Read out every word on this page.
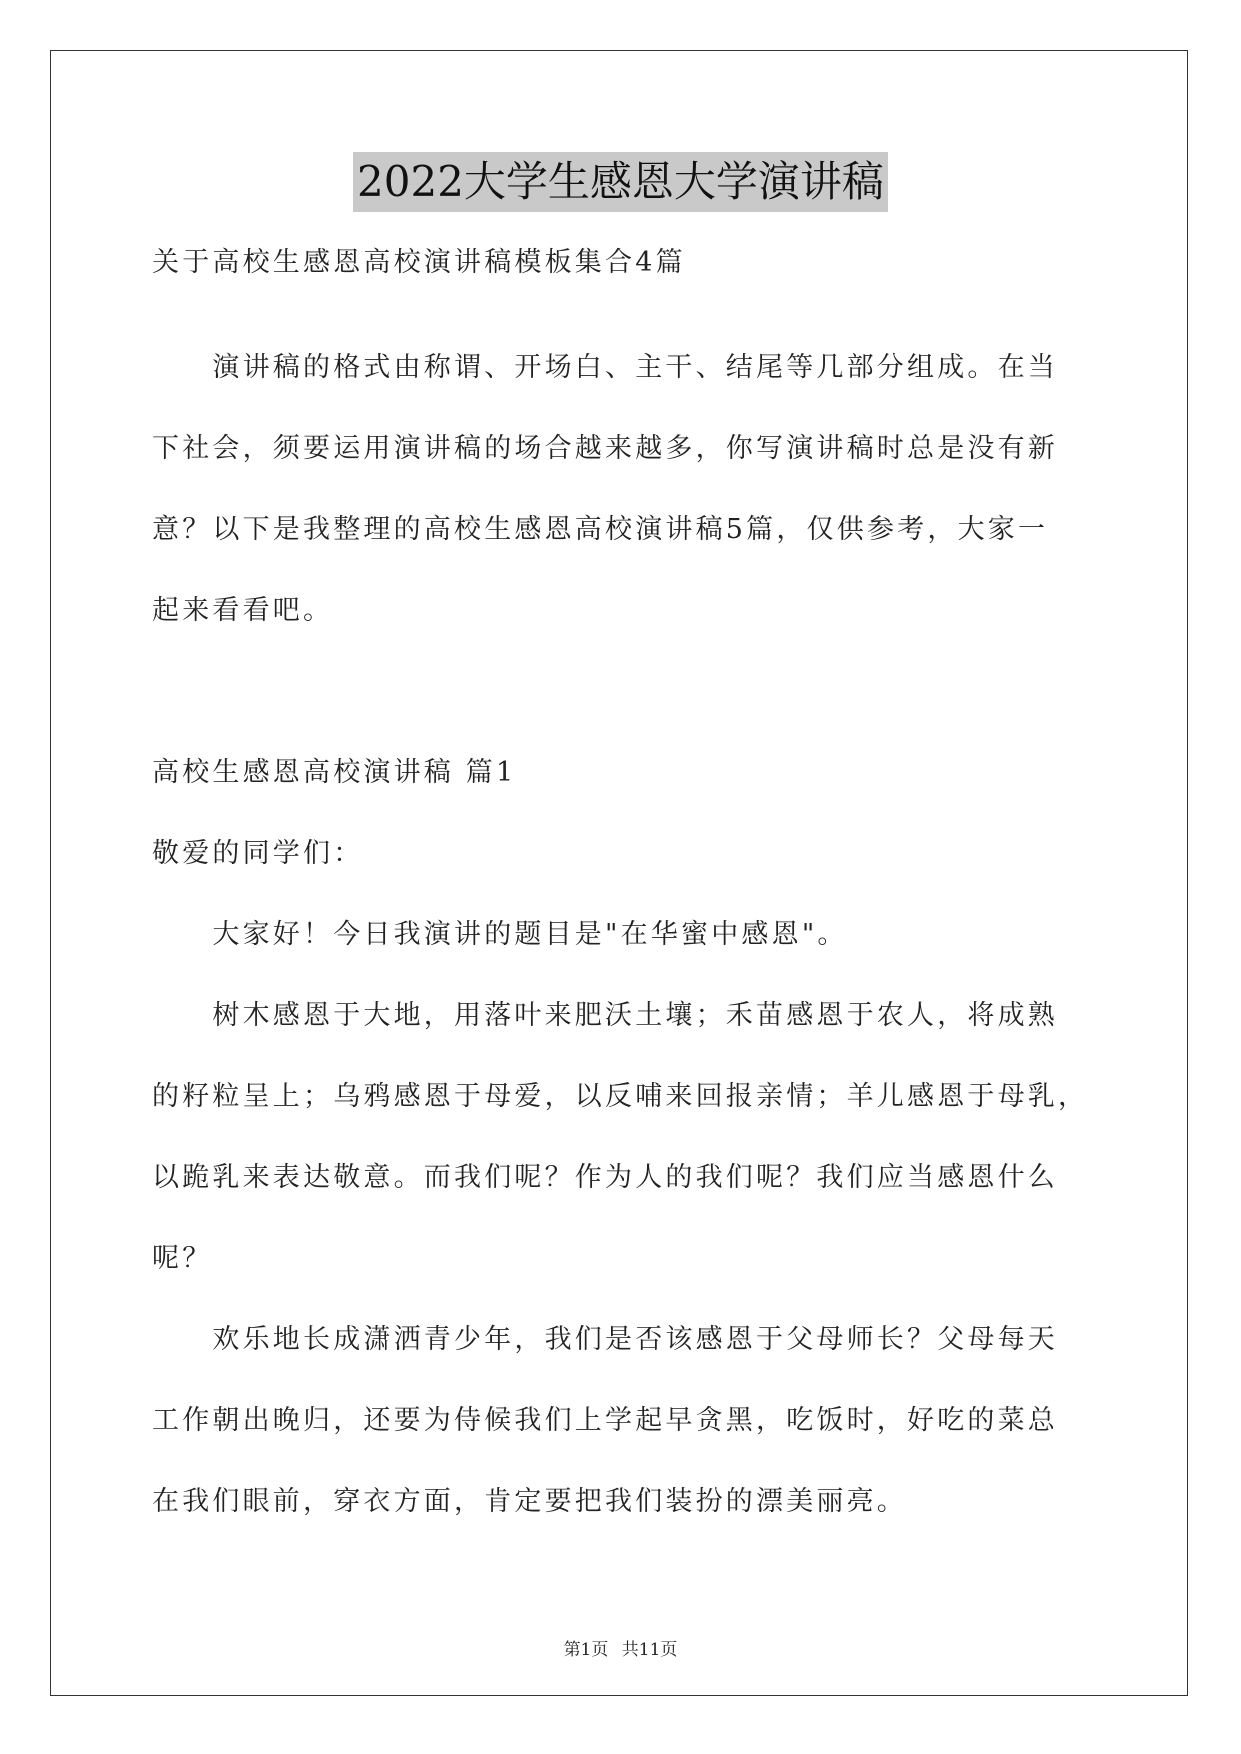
2022大学生感恩大学演讲稿
关于高校生感恩高校演讲稿模板集合4篇
　　演讲稿的格式由称谓、开场白、主干、结尾等几部分组成。在当
下社会，须要运用演讲稿的场合越来越多，你写演讲稿时总是没有新
意？以下是我整理的高校生感恩高校演讲稿5篇，仅供参考，大家一
起来看看吧。
高校生感恩高校演讲稿 篇1
敬爱的同学们：
　　大家好！今日我演讲的题目是"在华蜜中感恩"。
　　树木感恩于大地，用落叶来肥沃土壤；禾苗感恩于农人，将成熟
的籽粒呈上；乌鸦感恩于母爱，以反哺来回报亲情；羊儿感恩于母乳，
以跪乳来表达敬意。而我们呢？作为人的我们呢？我们应当感恩什么
呢？
　　欢乐地长成潇洒青少年，我们是否该感恩于父母师长？父母每天
工作朝出晚归，还要为侍候我们上学起早贪黑，吃饭时，好吃的菜总
在我们眼前，穿衣方面，肯定要把我们装扮的漂美丽亮。
第1页 共11页
